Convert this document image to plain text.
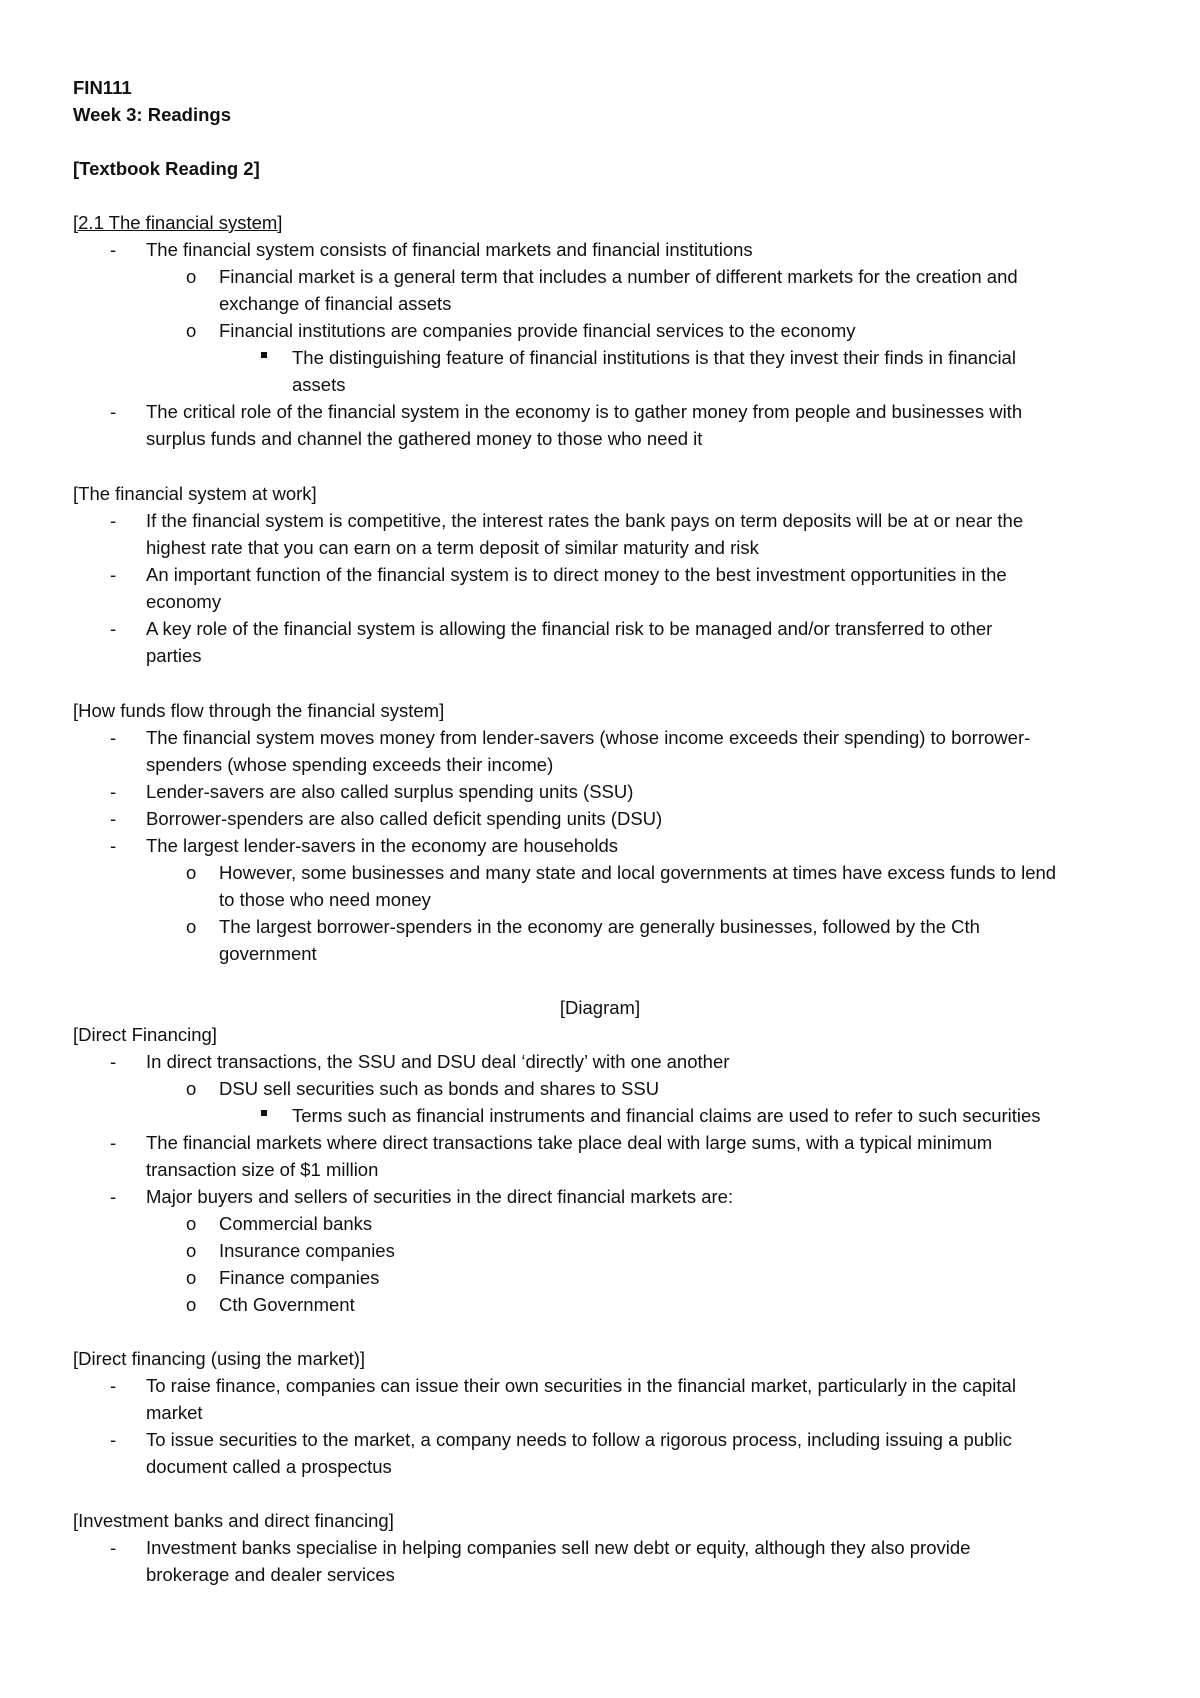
FIN111
Week 3: Readings
[Textbook Reading 2]
[2.1 The financial system]
- The financial system consists of financial markets and financial institutions
o Financial market is a general term that includes a number of different markets for the creation and
exchange of financial assets
o Financial institutions are companies provide financial services to the economy
The distinguishing feature of financial institutions is that they invest their finds in financial
assets
- The critical role of the financial system in the economy is to gather money from people and businesses with
surplus funds and channel the gathered money to those who need it
[The financial system at work]
- If the financial system is competitive, the interest rates the bank pays on term deposits will be at or near the
highest rate that you can earn on a term deposit of similar maturity and risk
- An important function of the financial system is to direct money to the best investment opportunities in the
economy
- A key role of the financial system is allowing the financial risk to be managed and/or transferred to other
parties
[How funds flow through the financial system]
- The financial system moves money from lender-savers (whose income exceeds their spending) to borrower-
spenders (whose spending exceeds their income)
- Lender-savers are also called surplus spending units (SSU)
- Borrower-spenders are also called deficit spending units (DSU)
- The largest lender-savers in the economy are households
o However, some businesses and many state and local governments at times have excess funds to lend
to those who need money
o The largest borrower-spenders in the economy are generally businesses, followed by the Cth
government
[Diagram]
[Direct Financing]
- In direct transactions, the SSU and DSU deal ‘directly’ with one another
o DSU sell securities such as bonds and shares to SSU
Terms such as financial instruments and financial claims are used to refer to such securities
- The financial markets where direct transactions take place deal with large sums, with a typical minimum
transaction size of $1 million
- Major buyers and sellers of securities in the direct financial markets are:
o Commercial banks
o Insurance companies
o Finance companies
o Cth Government
[Direct financing (using the market)]
- To raise finance, companies can issue their own securities in the financial market, particularly in the capital
market
- To issue securities to the market, a company needs to follow a rigorous process, including issuing a public
document called a prospectus
[Investment banks and direct financing]
- Investment banks specialise in helping companies sell new debt or equity, although they also provide
brokerage and dealer services
